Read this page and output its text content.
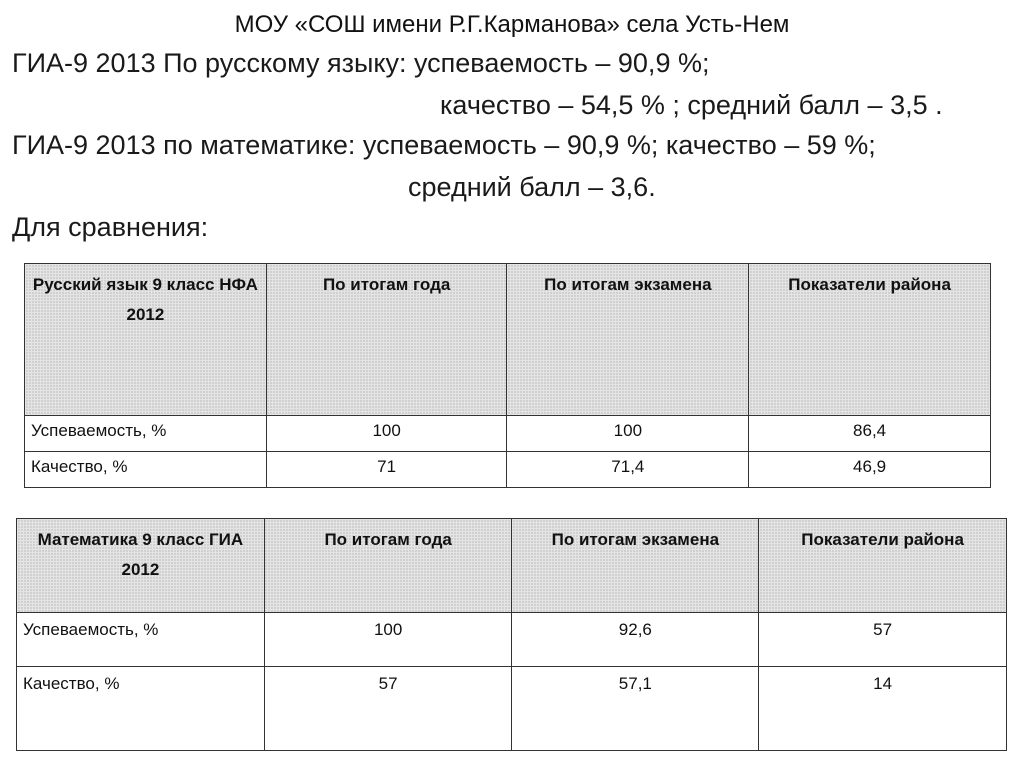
МОУ «СОШ имени Р.Г.Карманова» села Усть-Нем
ГИА-9 2013 По русскому языку: успеваемость – 90,9 %;
качество – 54,5 % ; средний балл – 3,5 .
ГИА-9 2013 по математике: успеваемость – 90,9 %; качество – 59 %;
средний балл – 3,6.
Для сравнения:
Русский язык 9 класс НФА 2012	По итогам года	По итогам экзамена	Показатели района
Успеваемость, %	100	100	86,4
Качество, %	71	71,4	46,9
Математика 9 класс ГИА 2012	По итогам года	По итогам экзамена	Показатели района
Успеваемость, %	100	92,6	57
Качество, %	57	57,1	14
